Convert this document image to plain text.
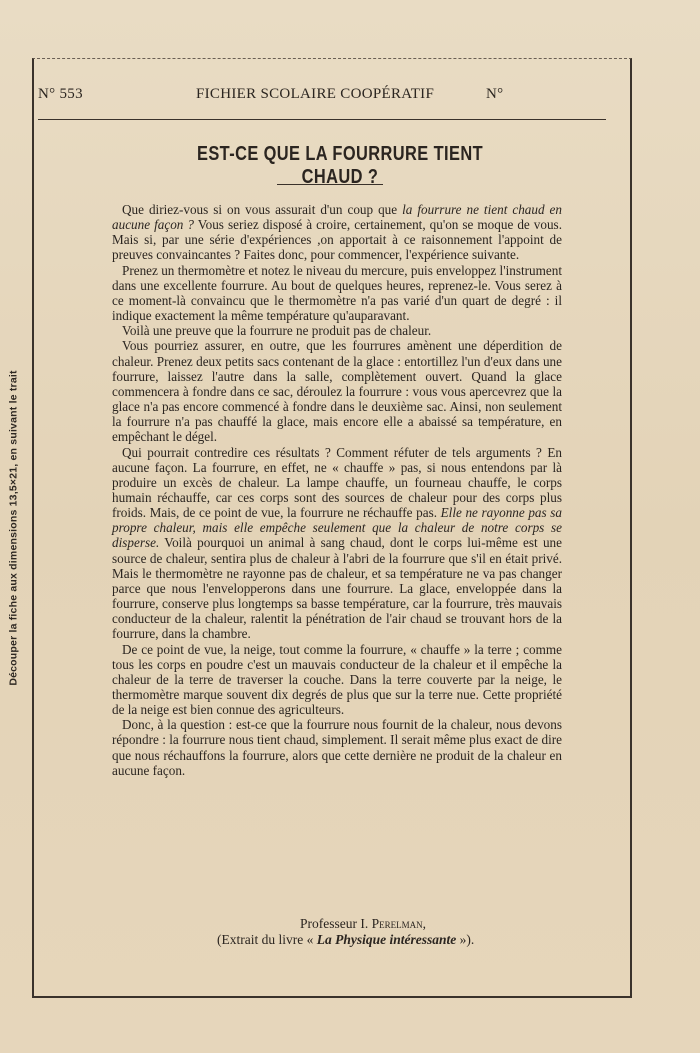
Découper la fiche aux dimensions 13,5×21, en suivant le trait
N° 553	FICHIER SCOLAIRE COOPÉRATIF	N°
EST-CE QUE LA FOURRURE TIENT CHAUD ?

Que diriez-vous si on vous assurait d'un coup que la fourrure ne tient chaud en aucune façon ? Vous seriez disposé à croire, certainement, qu'on se moque de vous. Mais si, par une série d'expériences ,on apportait à ce raisonnement l'appoint de preuves convaincantes ? Faites donc, pour commencer, l'expérience suivante.

Prenez un thermomètre et notez le niveau du mercure, puis enveloppez l'instrument dans une excellente fourrure. Au bout de quelques heures, reprenez-le. Vous serez à ce moment-là convaincu que le thermomètre n'a pas varié d'un quart de degré : il indique exactement la même température qu'auparavant.

Voilà une preuve que la fourrure ne produit pas de chaleur.

Vous pourriez assurer, en outre, que les fourrures amènent une déperdition de chaleur. Prenez deux petits sacs contenant de la glace : entortillez l'un d'eux dans une fourrure, laissez l'autre dans la salle, complètement ouvert. Quand la glace commencera à fondre dans ce sac, déroulez la fourrure : vous vous apercevrez que la glace n'a pas encore commencé à fondre dans le deuxième sac. Ainsi, non seulement la fourrure n'a pas chauffé la glace, mais encore elle a abaissé sa température, en empêchant le dégel.

Qui pourrait contredire ces résultats ? Comment réfuter de tels arguments ? En aucune façon. La fourrure, en effet, ne « chauffe » pas, si nous entendons par là produire un excès de chaleur. La lampe chauffe, un fourneau chauffe, le corps humain réchauffe, car ces corps sont des sources de chaleur pour des corps plus froids. Mais, de ce point de vue, la fourrure ne réchauffe pas. Elle ne rayonne pas sa propre chaleur, mais elle empêche seulement que la chaleur de notre corps se disperse. Voilà pourquoi un animal à sang chaud, dont le corps lui-même est une source de chaleur, sentira plus de chaleur à l'abri de la fourrure que s'il en était privé. Mais le thermomètre ne rayonne pas de chaleur, et sa température ne va pas changer parce que nous l'envelopperons dans une fourrure. La glace, enveloppée dans la fourrure, conserve plus longtemps sa basse température, car la fourrure, très mauvais conducteur de la chaleur, ralentit la pénétration de l'air chaud se trouvant hors de la fourrure, dans la chambre.

De ce point de vue, la neige, tout comme la fourrure, « chauffe » la terre ; comme tous les corps en poudre c'est un mauvais conducteur de la chaleur et il empêche la chaleur de la terre de traverser la couche. Dans la terre couverte par la neige, le thermomètre marque souvent dix degrés de plus que sur la terre nue. Cette propriété de la neige est bien connue des agriculteurs.

Donc, à la question : est-ce que la fourrure nous fournit de la chaleur, nous devons répondre : la fourrure nous tient chaud, simplement. Il serait même plus exact de dire que nous réchauffons la fourrure, alors que cette dernière ne produit de la chaleur en aucune façon.

Professeur I. Perelman,
(Extrait du livre « La Physique intéressante »).
